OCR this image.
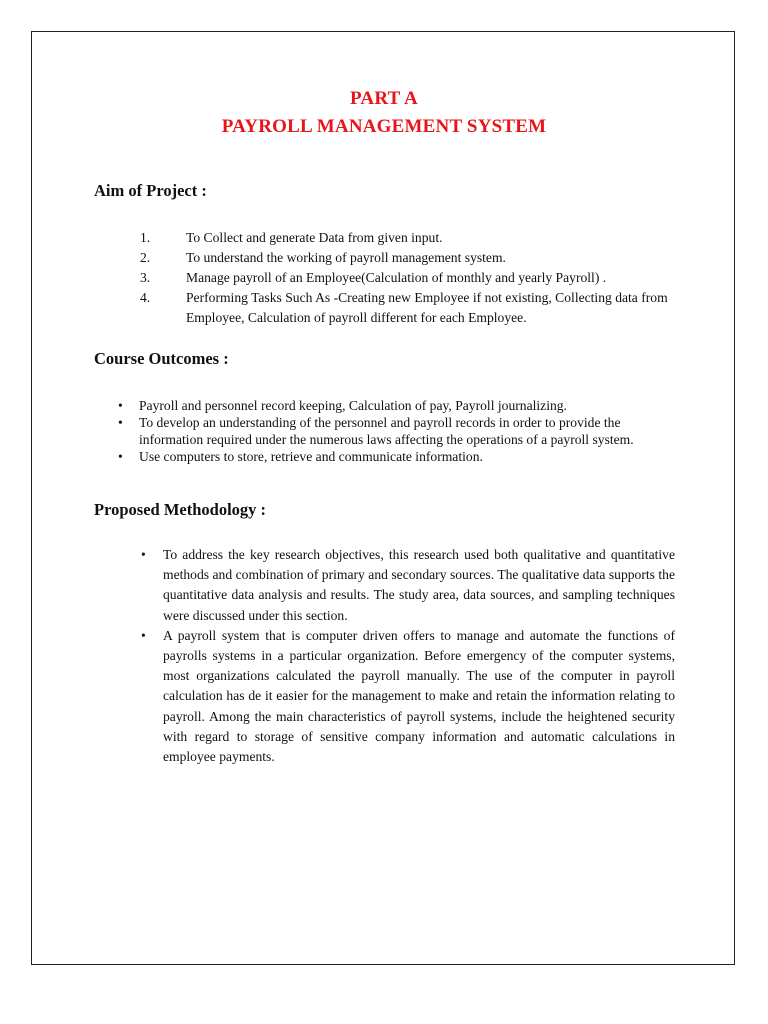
PART A
PAYROLL MANAGEMENT SYSTEM
Aim of Project :
1.	To Collect and generate Data from given input.
2.	To understand the working of payroll management system.
3.	Manage payroll of an Employee(Calculation of monthly and yearly Payroll) .
4.	Performing Tasks Such As -Creating new Employee if not existing, Collecting data from Employee, Calculation of payroll different for each Employee.
Course Outcomes :
• Payroll and personnel record keeping, Calculation of pay, Payroll journalizing.
• To develop an understanding of the personnel and payroll records in order to provide the information required under the numerous laws affecting the operations of a payroll system.
• Use computers to store, retrieve and communicate information.
Proposed Methodology :
• To address the key research objectives, this research used both qualitative and quantitative methods and combination of primary and secondary sources. The qualitative data supports the quantitative data analysis and results. The study area, data sources, and sampling techniques were discussed under this section.
• A payroll system that is computer driven offers to manage and automate the functions of payrolls systems in a particular organization. Before emergency of the computer systems, most organizations calculated the payroll manually. The use of the computer in payroll calculation has de it easier for the management to make and retain the information relating to payroll. Among the main characteristics of payroll systems, include the heightened security with regard to storage of sensitive company information and automatic calculations in employee payments.
